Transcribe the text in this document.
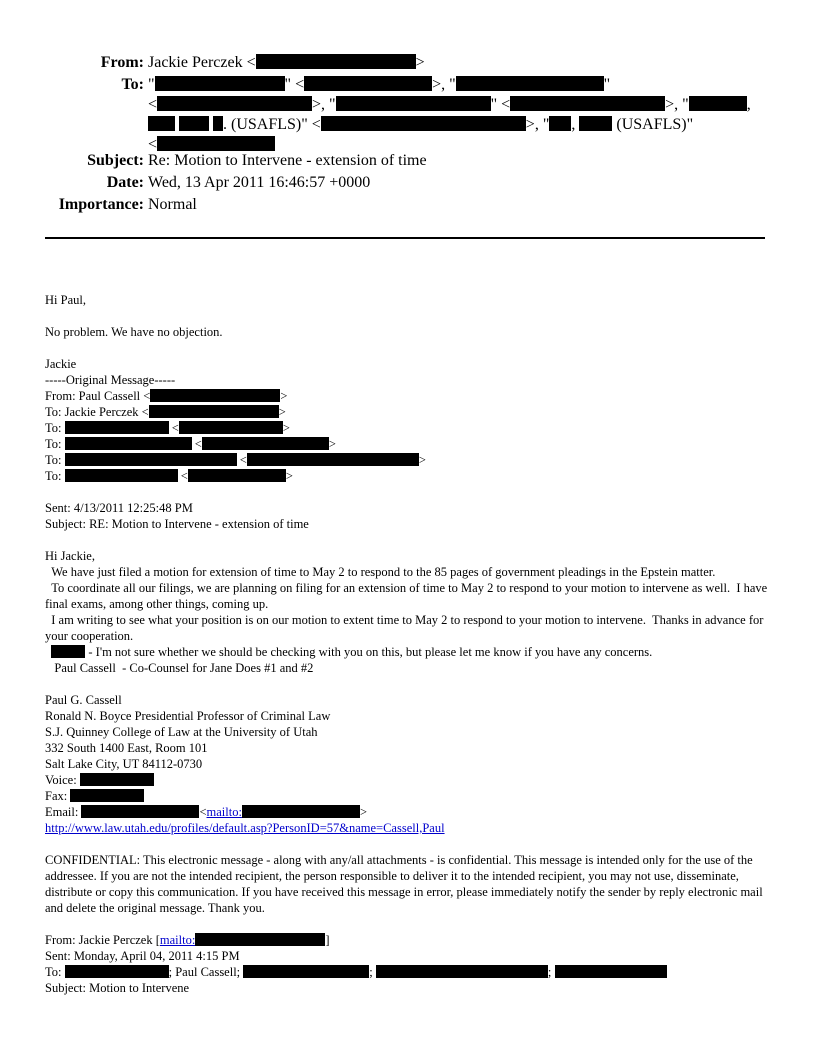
From: Jackie Perczek <	>
To: "	" <	>, "	"
<	>, "	" <	>, "	,
. (USAFLS)" <	>, " ,  (USAFLS)"
<
Subject: Re: Motion to Intervene - extension of time
Date: Wed, 13 Apr 2011 16:46:57 +0000
Importance: Normal
Hi Paul,
No problem. We have no objection.
Jackie
-----Original Message-----
From: Paul Cassell <	>
To: Jackie Perczek <	>
To:	<	>
To:	<	>
To:	<	>
To:	<	>
Sent: 4/13/2011 12:25:48 PM
Subject: RE: Motion to Intervene - extension of time
Hi Jackie,
We have just filed a motion for extension of time to May 2 to respond to the 85 pages of government pleadings in the Epstein matter.
To coordinate all our filings, we are planning on filing for an extension of time to May 2 to respond to your motion to intervene as well.  I have final exams, among other things, coming up.
I am writing to see what your position is on our motion to extent time to May 2 to respond to your motion to intervene.  Thanks in advance for your cooperation.
- I'm not sure whether we should be checking with you on this, but please let me know if you have any concerns.
Paul Cassell  - Co-Counsel for Jane Does #1 and #2
Paul G. Cassell
Ronald N. Boyce Presidential Professor of Criminal Law
S.J. Quinney College of Law at the University of Utah
332 South 1400 East, Room 101
Salt Lake City, UT 84112-0730
Voice:
Fax:
Email:	<mailto:	>
http://www.law.utah.edu/profiles/default.asp?PersonID=57&name=Cassell,Paul
CONFIDENTIAL: This electronic message - along with any/all attachments - is confidential. This message is intended only for the use of the addressee. If you are not the intended recipient, the person responsible to deliver it to the intended recipient, you may not use, disseminate, distribute or copy this communication. If you have received this message in error, please immediately notify the sender by reply electronic mail and delete the original message. Thank you.
From: Jackie Perczek [mailto:	]
Sent: Monday, April 04, 2011 4:15 PM
To:	; Paul Cassell;	;	;
Subject: Motion to Intervene
